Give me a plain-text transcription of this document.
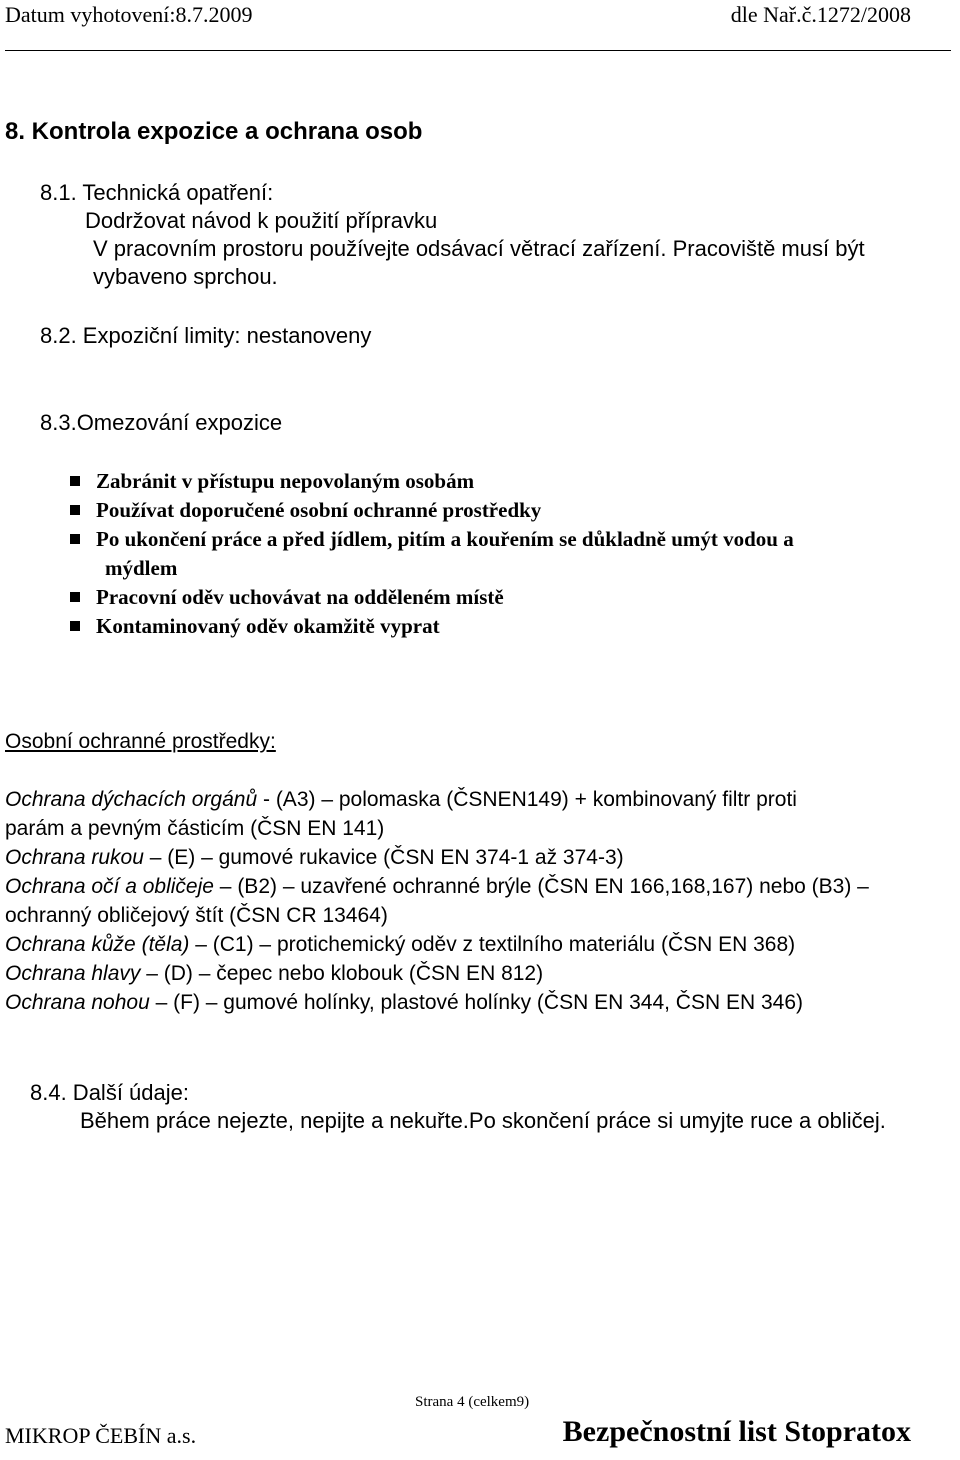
Datum vyhotovení:8.7.2009	dle Nař.č.1272/2008
8. Kontrola expozice a ochrana osob
8.1. Technická opatření:
Dodržovat návod k použití přípravku
V pracovním prostoru používejte odsávací větrací zařízení. Pracoviště musí být
vybaveno sprchou.
8.2. Expoziční limity: nestanoveny
8.3.Omezování expozice
Zabránit v přístupu nepovolaným osobám
Používat doporučené osobní ochranné prostředky
Po ukončení práce a před jídlem, pitím a kouřením se důkladně umýt vodou a
mýdlem
Pracovní oděv uchovávat na odděleném místě
Kontaminovaný oděv okamžitě vyprat
Osobní ochranné prostředky:
Ochrana dýchacích orgánů - (A3) – polomaska (ČSNEN149) + kombinovaný filtr proti
parám a pevným částicím (ČSN EN 141)
Ochrana rukou – (E) – gumové rukavice (ČSN EN 374-1 až 374-3)
Ochrana očí a obličeje – (B2) – uzavřené ochranné brýle (ČSN EN 166,168,167) nebo (B3) –
ochranný obličejový štít (ČSN CR 13464)
Ochrana kůže (těla) – (C1) – protichemický oděv z textilního materiálu (ČSN EN 368)
Ochrana hlavy – (D) – čepec nebo klobouk (ČSN EN 812)
Ochrana nohou – (F) – gumové holínky, plastové holínky (ČSN EN 344, ČSN EN 346)
8.4. Další údaje:
Během práce nejezte, nepijte a nekuřte.Po skončení práce si umyjte ruce a obličej.
Strana 4 (celkem9)
MIKROP ČEBÍN a.s.	Bezpečnostní list Stopratox
